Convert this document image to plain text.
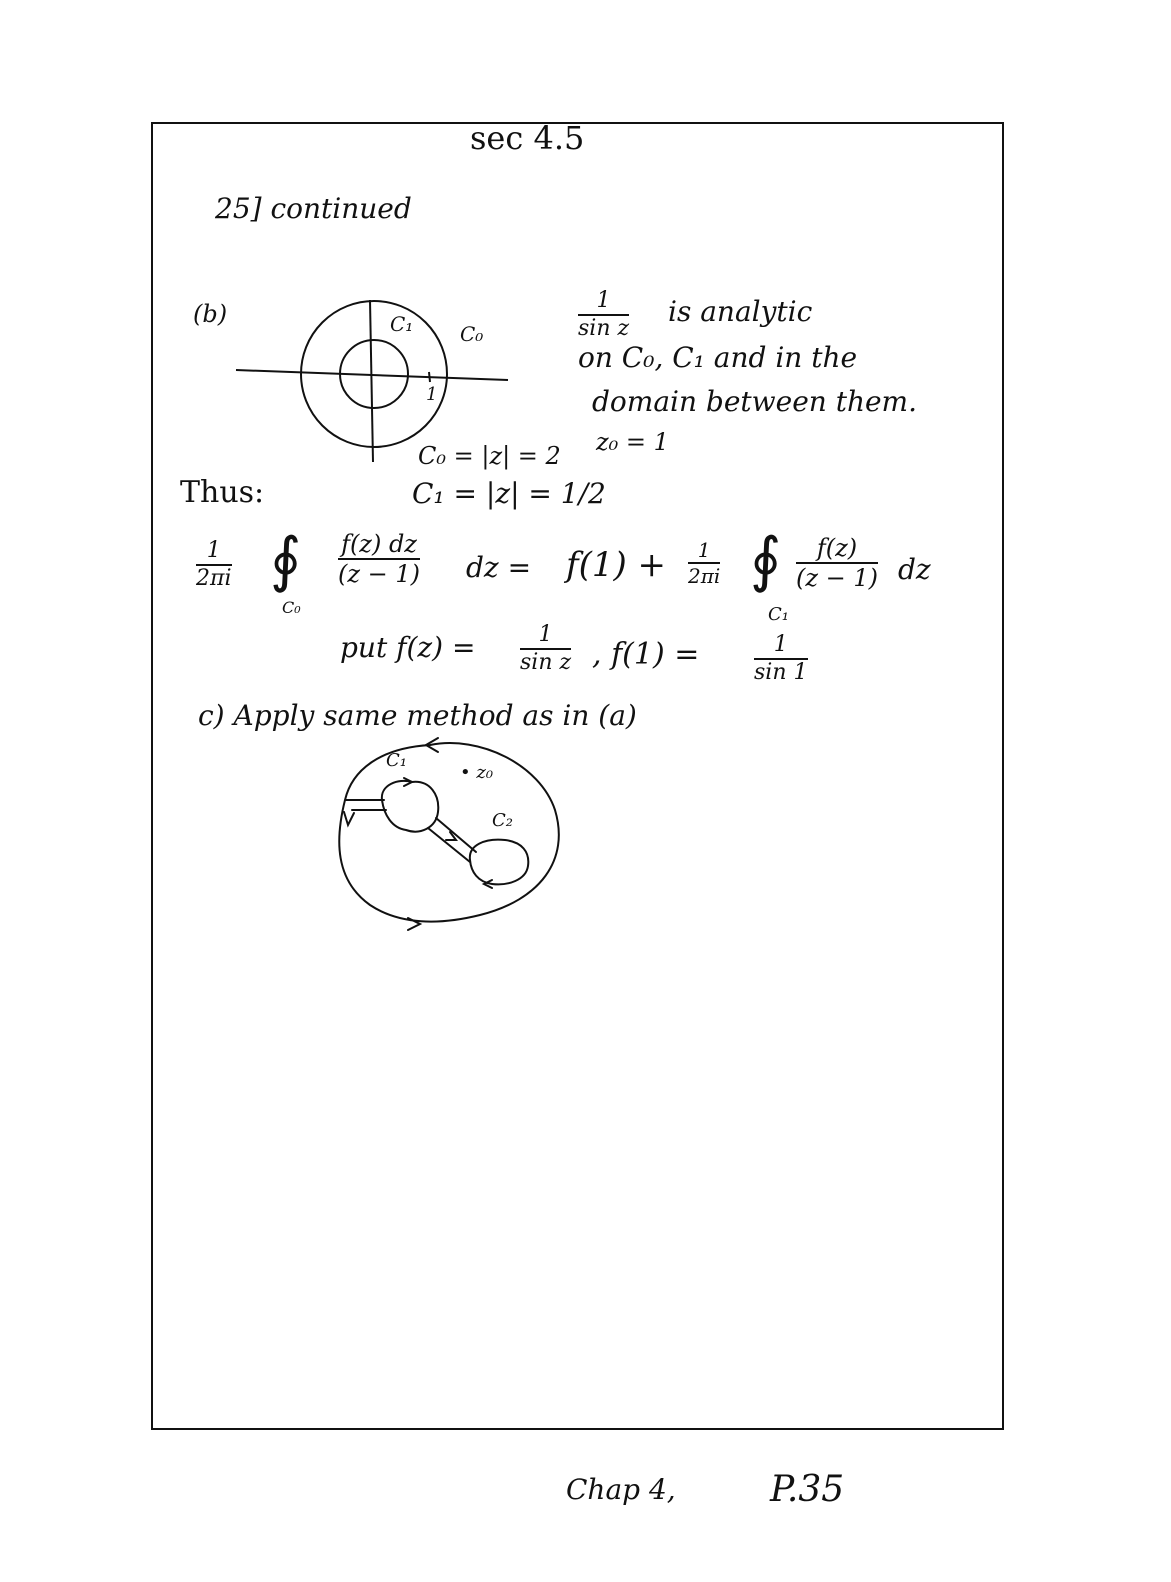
sec 4.5
25] continued
(b)	C₁ C₀
1
$\frac{1}{\text{sin z}}$ is analytic
on C₀, C₁ and in the
domain between them.
z₀ = 1
C₀ = |z| = 2
Thus:	C₁ = |z| = 1/2
$\frac{1}{2\pi i}$ ∮
C₀
$\frac{f(z) dz}{(z - 1)}$ dz = $f(1) + \frac{1}{2\pi i}$ ∮
C₁
$\frac{f(z)}{(z - 1)}$ dz
put $f(z) = \frac{1}{\text{sin z}}$ , $f(1) = \frac{1}{\sin 1}$
c) Apply same method as in (a)
C₁
• z₀
C₂
Chap 4,	P.35
